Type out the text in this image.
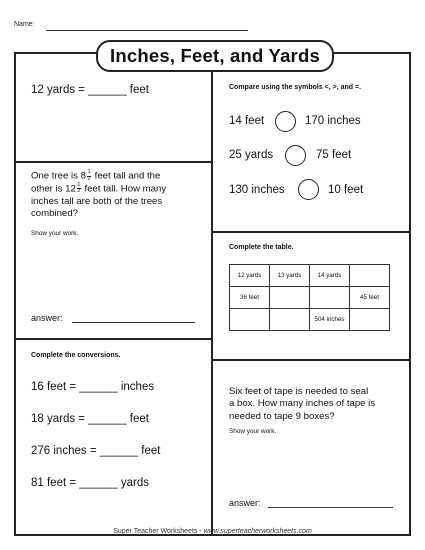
Name:
Inches, Feet, and Yards
12 yards = ______ feet	Compare using the symbols <, >, and =.
14 feet	170 inches
25 yards	75 feet
130 inches	10 feet
One tree is $8 \frac{1}{2}$ feet tall and the
other is $12 \frac{1}{2}$ feet tall. How many
inches tall are both of the trees
combined?
Show your work.
answer:
Complete the table.
12 yards	13 yards	14 yards	
36 feet			45 feet
		504 inches	
Complete the conversions.
16 feet = ______ inches
18 yards = ______ feet
276 inches = ______ feet
81 feet = ______ yards
Six feet of tape is needed to seal
a box. How many inches of tape is
needed to tape 9 boxes?
Show your work.
answer:
Super Teacher Worksheets - www.superteacherworksheets.com
